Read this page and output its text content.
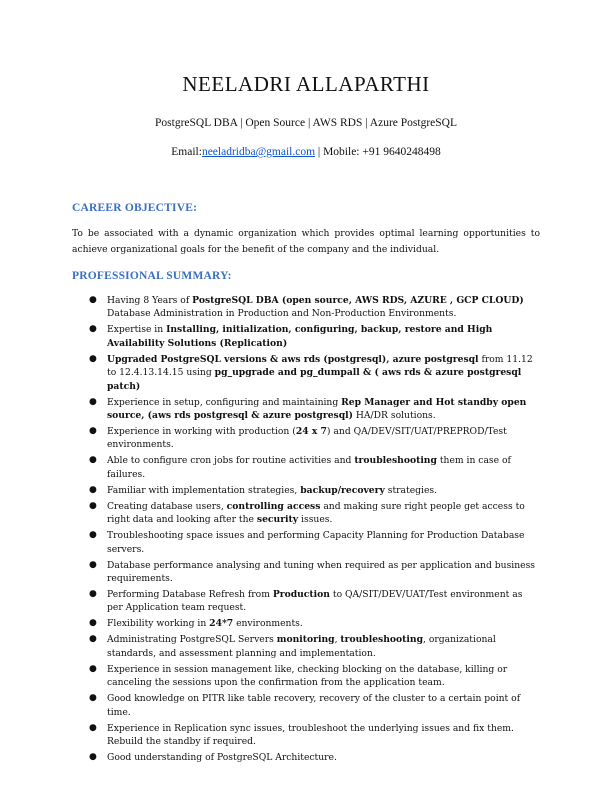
NEELADRI ALLAPARTHI
PostgreSQL DBA | Open Source | AWS RDS | Azure PostgreSQL
Email:neeladridba@gmail.com | Mobile: +91 9640248498
CAREER OBJECTIVE:
To be associated with a dynamic organization which provides optimal learning opportunities to achieve organizational goals for the benefit of the company and the individual.
PROFESSIONAL SUMMARY:
● Having 8 Years of PostgreSQL DBA (open source, AWS RDS, AZURE , GCP CLOUD) Database Administration in Production and Non-Production Environments.
● Expertise in Installing, initialization, configuring, backup, restore and High Availability Solutions (Replication)
● Upgraded PostgreSQL versions & aws rds (postgresql), azure postgresql from 11.12 to 12.4.13.14.15 using pg_upgrade and pg_dumpall & ( aws rds & azure postgresql patch)
● Experience in setup, configuring and maintaining Rep Manager and Hot standby open source, (aws rds postgresql & azure postgresql) HA/DR solutions.
● Experience in working with production (24 x 7) and QA/DEV/SIT/UAT/PREPROD/Test environments.
● Able to configure cron jobs for routine activities and troubleshooting them in case of failures.
● Familiar with implementation strategies, backup/recovery strategies.
● Creating database users, controlling access and making sure right people get access to right data and looking after the security issues.
● Troubleshooting space issues and performing Capacity Planning for Production Database servers.
● Database performance analysing and tuning when required as per application and business requirements.
● Performing Database Refresh from Production to QA/SIT/DEV/UAT/Test environment as per Application team request.
● Flexibility working in 24*7 environments.
● Administrating PostgreSQL Servers monitoring, troubleshooting, organizational standards, and assessment planning and implementation.
● Experience in session management like, checking blocking on the database, killing or canceling the sessions upon the confirmation from the application team.
● Good knowledge on PITR like table recovery, recovery of the cluster to a certain point of time.
● Experience in Replication sync issues, troubleshoot the underlying issues and fix them. Rebuild the standby if required.
● Good understanding of PostgreSQL Architecture.
